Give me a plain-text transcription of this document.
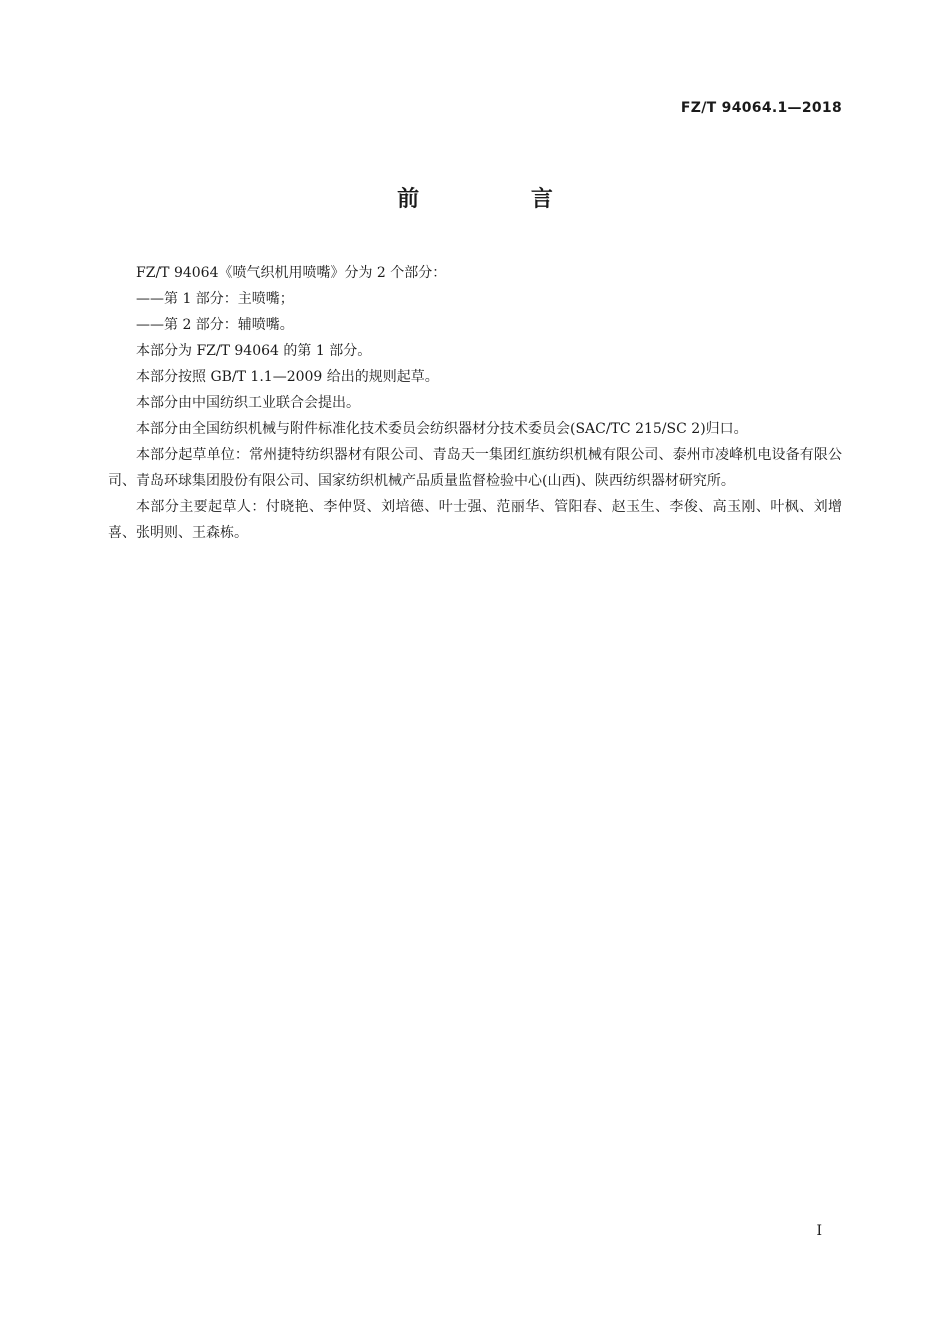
FZ/T 94064.1—2018
前 言

FZ/T 94064《喷气织机用喷嘴》分为 2 个部分：

——第 1 部分：主喷嘴；

——第 2 部分：辅喷嘴。

本部分为 FZ/T 94064 的第 1 部分。

本部分按照 GB/T 1.1—2009 给出的规则起草。

本部分由中国纺织工业联合会提出。

本部分由全国纺织机械与附件标准化技术委员会纺织器材分技术委员会(SAC/TC 215/SC 2)归口。

本部分起草单位：常州捷特纺织器材有限公司、青岛天一集团红旗纺织机械有限公司、泰州市凌峰机电设备有限公司、青岛环球集团股份有限公司、国家纺织机械产品质量监督检验中心(山西)、陕西纺织器材研究所。

本部分主要起草人：付晓艳、李仲贤、刘培德、叶士强、范丽华、管阳春、赵玉生、李俊、高玉刚、叶枫、刘增喜、张明则、王森栋。

I
